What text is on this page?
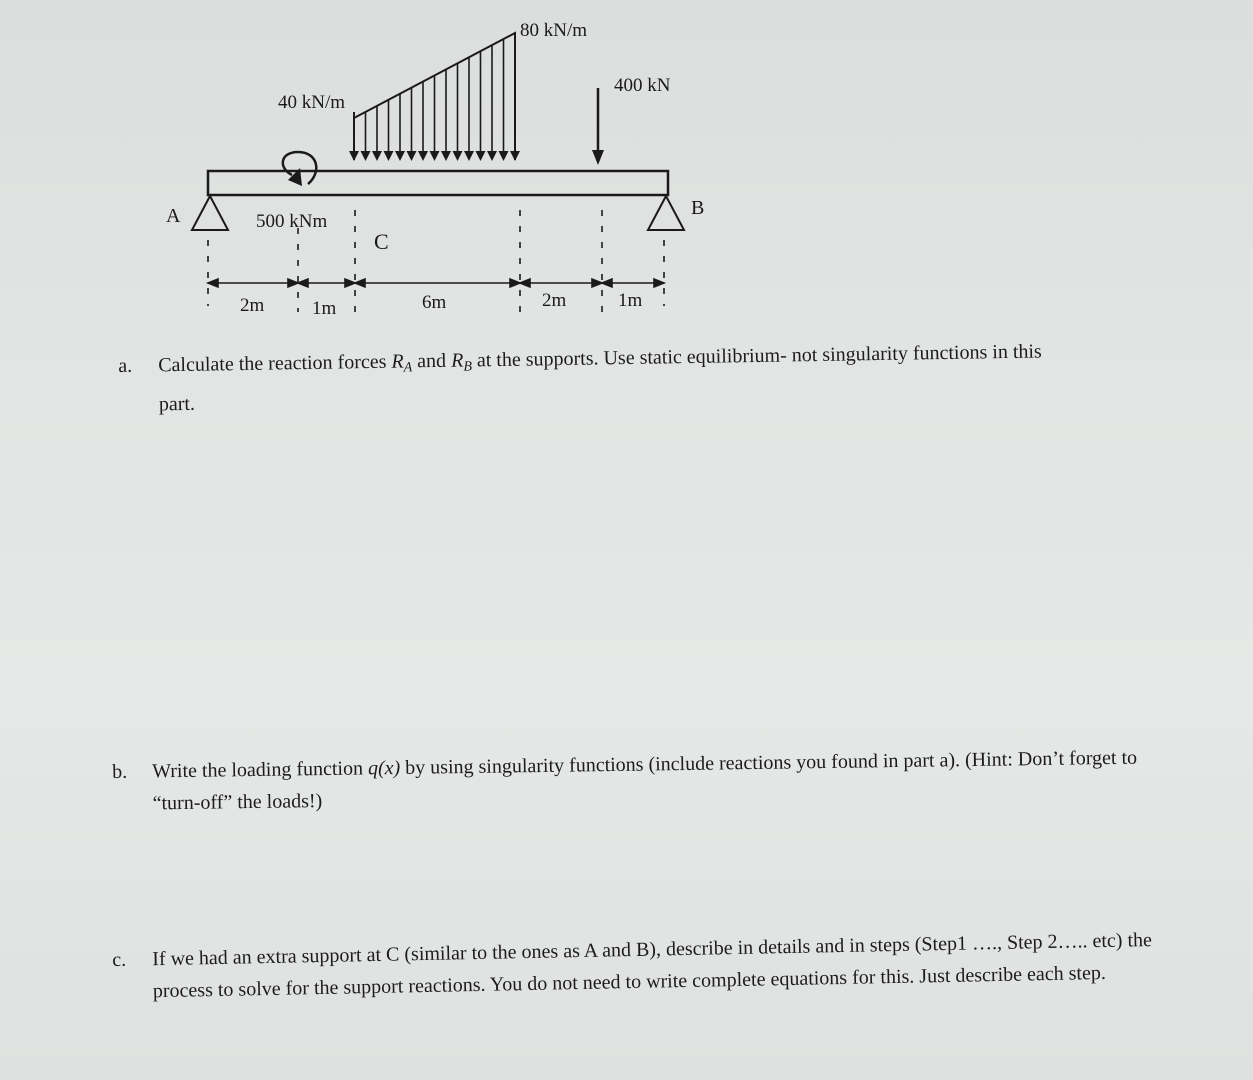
80 kN/m
40 kN/m
400 kN
500 kNm
A	B
C
2m	1m	6m	2m	1m
a. Calculate the reaction forces $R_A$ and $R_B$ at the supports. Use static equilibrium- not singularity functions in this part.
b. Write the loading function q(x) by using singularity functions (include reactions you found in part a). (Hint: Don’t forget to “turn-off” the loads!)
c. If we had an extra support at C (similar to the ones as A and B), describe in details and in steps (Step1 …., Step 2….. etc) the process to solve for the support reactions. You do not need to write complete equations for this. Just describe each step.
